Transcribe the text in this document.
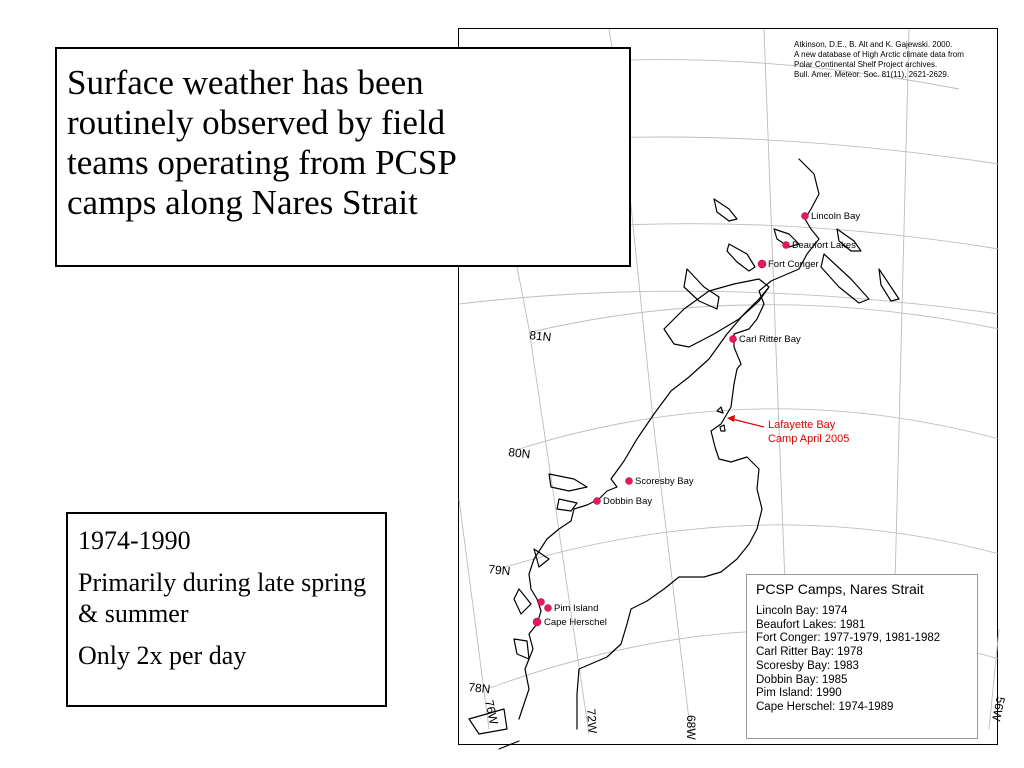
81N
80N
79N
78N
76W	72W	68W
56W
Lincoln Bay
Beaufort Lakes
Fort Conger
Carl Ritter Bay
Scoresby Bay
Dobbin Bay
Pim Island
Cape Herschel
Lafayette Bay
Camp April 2005
Atkinson, D.E., B. Alt and K. Gajewski. 2000.
A new database of High Arctic climate data from
Polar Continental Shelf Project archives.
Bull. Amer. Meteor. Soc. 81(11), 2621-2629.
PCSP Camps, Nares Strait
Lincoln Bay: 1974
Beaufort Lakes: 1981
Fort Conger: 1977-1979, 1981-1982
Carl Ritter Bay: 1978
Scoresby Bay: 1983
Dobbin Bay: 1985
Pim Island: 1990
Cape Herschel: 1974-1989
Surface weather has been
routinely observed by field
teams operating from PCSP
camps along Nares Strait
1974-1990
Primarily during late spring & summer
Only 2x per day
